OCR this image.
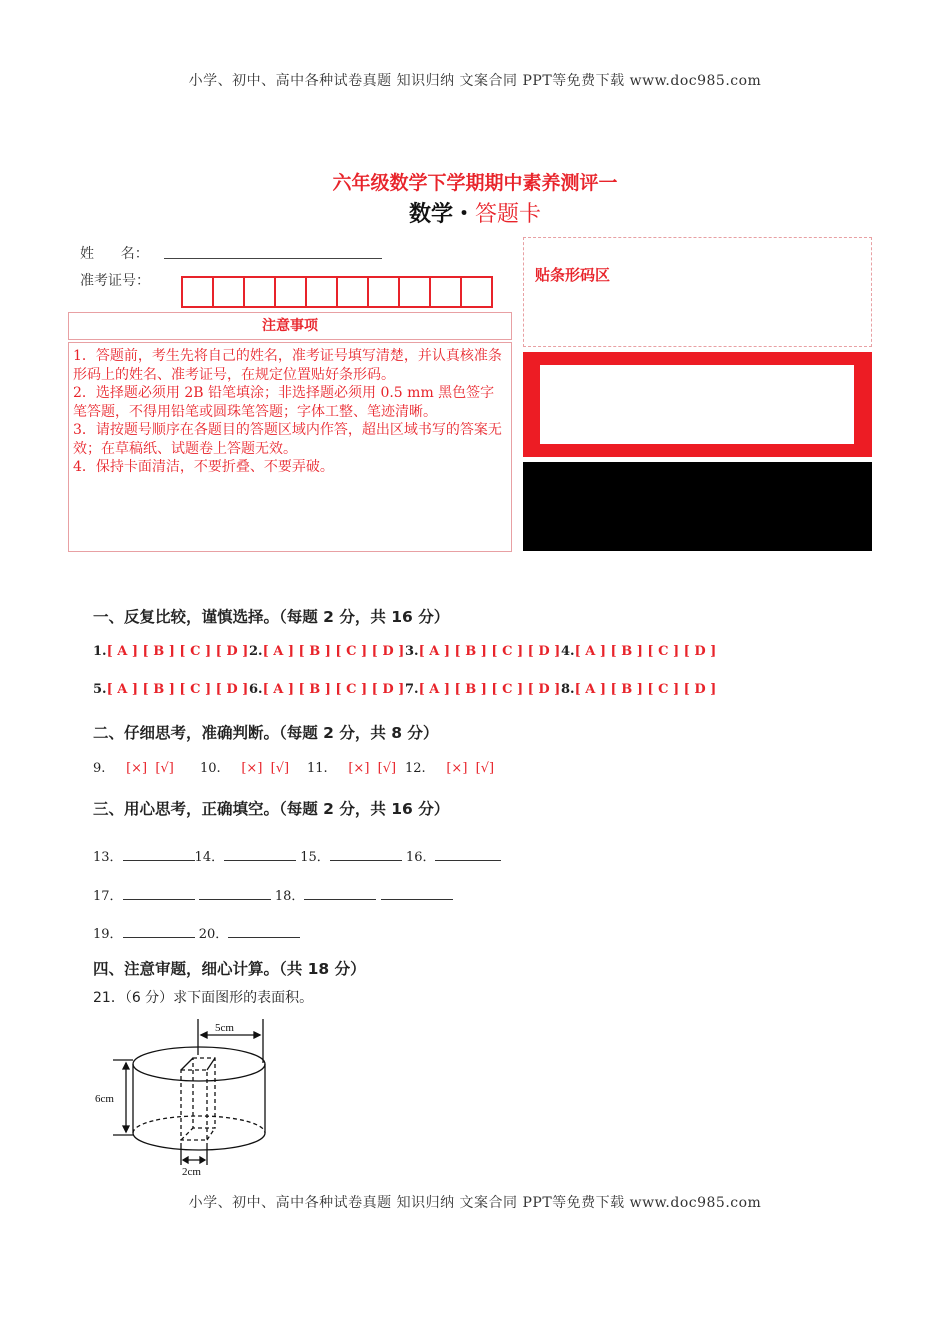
小学、初中、高中各种试卷真题 知识归纳 文案合同 PPT等免费下载 www.doc985.com
六年级数学下学期期中素养测评一
数学・答题卡
姓      名：
准考证号：
注意事项

1．答题前，考生先将自己的姓名，准考证号填写清楚，并认真核准条形码上的姓名、准考证号，在规定位置贴好条形码。

2．选择题必须用 2B 铅笔填涂；非选择题必须用 0.5 mm 黑色签字笔答题，不得用铅笔或圆珠笔答题；字体工整、笔迹清晰。

3．请按题号顺序在各题目的答题区域内作答，超出区域书写的答案无效；在草稿纸、试题卷上答题无效。

4．保持卡面清洁，不要折叠、不要弄破。

贴条形码区
一、反复比较，谨慎选择。（每题 2 分，共 16 分）
1.[ A ] [ B ] [ C ] [ D ] 2.[ A ] [ B ] [ C ] [ D ] 3.[ A ] [ B ] [ C ] [ D ] 4.[ A ] [ B ] [ C ] [ D ]
5.[ A ] [ B ] [ C ] [ D ] 6.[ A ] [ B ] [ C ] [ D ] 7.[ A ] [ B ] [ C ] [ D ] 8.[ A ] [ B ] [ C ] [ D ]
二、仔细思考，准确判断。（每题 2 分，共 8 分）
9. [×] [√] 10. [×] [√] 11. [×] [√] 12. [×] [√]
三、用心思考，正确填空。（每题 2 分，共 16 分）
13．	14．	15．	16．
17．	18．
19．	20．
四、注意审题，细心计算。（共 18 分）
21．（6 分）求下面图形的表面积。
5cm
6cm
2cm
小学、初中、高中各种试卷真题 知识归纳 文案合同 PPT等免费下载 www.doc985.com
